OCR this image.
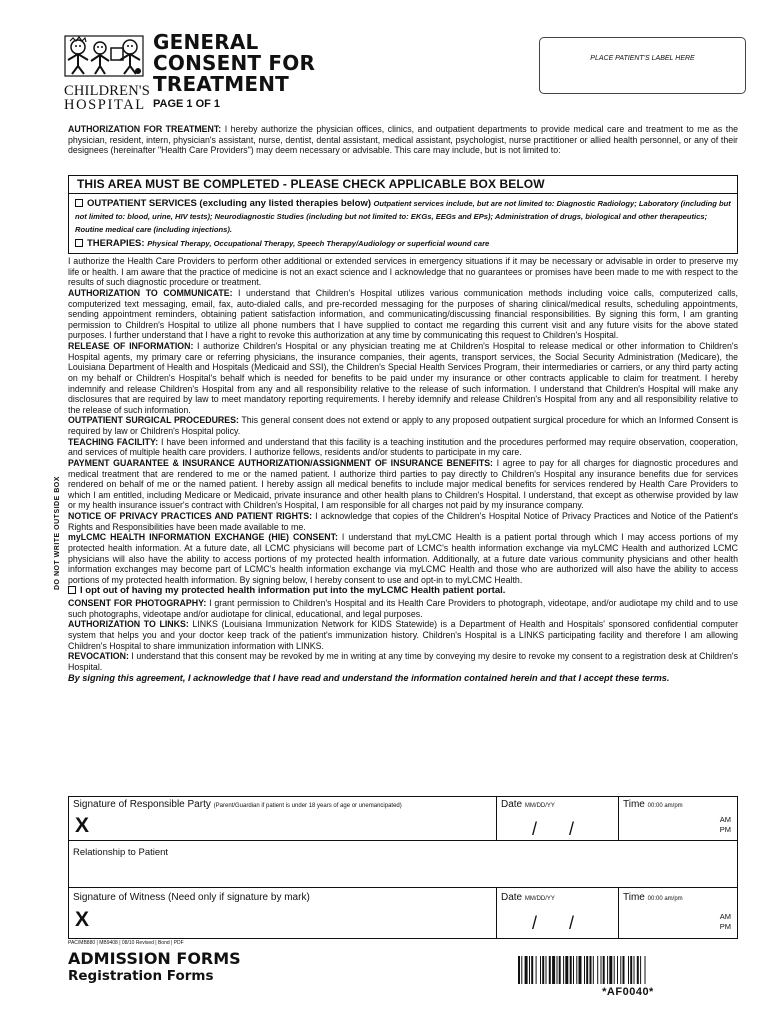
CHILDREN'S
HOSPITAL
GENERAL
CONSENT FOR
TREATMENT
PAGE 1 OF 1
PLACE PATIENT'S LABEL HERE
DO NOT WRITE OUTSIDE BOX

AUTHORIZATION FOR TREATMENT: I hereby authorize the physician offices, clinics, and outpatient departments to provide medical care and treatment to me as the physician, resident, intern, physician's assistant, nurse, dentist, dental assistant, medical assistant, psychologist, nurse practitioner or allied health personnel, or any of their designees (hereinafter "Health Care Providers") may deem necessary or advisable. This care may include, but is not limited to:

THIS AREA MUST BE COMPLETED - PLEASE CHECK APPLICABLE BOX BELOW
OUTPATIENT SERVICES (excluding any listed therapies below) Outpatient services include, but are not limited to: Diagnostic Radiology; Laboratory (including but not limited to: blood, urine, HIV tests); Neurodiagnostic Studies (including but not limited to: EKGs, EEGs and EPs); Administration of drugs, biological and other therapeutics; Routine medical care (including injections).
THERAPIES: Physical Therapy, Occupational Therapy, Speech Therapy/Audiology or superficial wound care

I authorize the Health Care Providers to perform other additional or extended services in emergency situations if it may be necessary or advisable in order to preserve my life or health. I am aware that the practice of medicine is not an exact science and I acknowledge that no guarantees or promises have been made to me with respect to the results of such diagnostic procedure or treatment.

AUTHORIZATION TO COMMUNICATE: I understand that Children's Hospital utilizes various communication methods including voice calls, computerized calls, computerized text messaging, email, fax, auto-dialed calls, and pre-recorded messaging for the purposes of sharing clinical/medical results, scheduling appointments, sending appointment reminders, obtaining patient satisfaction information, and communicating/discussing financial responsibilities. By signing this form, I am granting permission to Children's Hospital to utilize all phone numbers that I have supplied to contact me regarding this current visit and any future visits for the above stated purposes. I further understand that I have a right to revoke this authorization at any time by communicating this request to Children's Hospital.

RELEASE OF INFORMATION: I authorize Children's Hospital or any physician treating me at Children's Hospital to release medical or other information to Children's Hospital agents, my primary care or referring physicians, the insurance companies, their agents, transport services, the Social Security Administration (Medicare), the Louisiana Department of Health and Hospitals (Medicaid and SSI), the Children's Special Health Services Program, their intermediaries or carriers, or any third party acting on my behalf or Children's Hospital's behalf which is needed for benefits to be paid under my insurance or other contracts applicable to claim for treatment. I hereby indemnify and release Children's Hospital from any and all responsibility relative to the release of such information. I understand that Children's Hospital will make any disclosures that are required by law to meet mandatory reporting requirements. I hereby idemnify and release Children's Hospital from any and all responsibility relative to the release of such information.

OUTPATIENT SURGICAL PROCEDURES: This general consent does not extend or apply to any proposed outpatient surgical procedure for which an Informed Consent is required by law or Children's Hospital policy.

TEACHING FACILITY: I have been informed and understand that this facility is a teaching institution and the procedures performed may require observation, cooperation, and services of multiple health care providers. I authorize fellows, residents and/or students to participate in my care.

PAYMENT GUARANTEE & INSURANCE AUTHORIZATION/ASSIGNMENT OF INSURANCE BENEFITS: I agree to pay for all charges for diagnostic procedures and medical treatment that are rendered to me or the named patient. I authorize third parties to pay directly to Children's Hospital any insurance benefits due for services rendered on behalf of me or the named patient. I hereby assign all medical benefits to include major medical benefits for services rendered by Health Care Providers to which I am entitled, including Medicare or Medicaid, private insurance and other health plans to Children's Hospital. I understand, that except as otherwise provided by law or my health insurance issuer's contract with Children's Hospital, I am responsible for all charges not paid by my insurance company.

NOTICE OF PRIVACY PRACTICES AND PATIENT RIGHTS: I acknowledge that copies of the Children's Hospital Notice of Privacy Practices and Notice of the Patient's Rights and Responsibilities have been made available to me.

myLCMC HEALTH INFORMATION EXCHANGE (HIE) CONSENT: I understand that myLCMC Health is a patient portal through which I may access portions of my protected health information. At a future date, all LCMC physicians will become part of LCMC's health information exchange via myLCMC Health and authorized LCMC physicians will also have the ability to access portions of my protected health information. Additionally, at a future date various community physicians and other health information exchanges may become part of LCMC's health information exchange via myLCMC Health and those who are authorized will also have the ability to access portions of my protected health information. By signing below, I hereby consent to use and opt-in to myLCMC Health.

I opt out of having my protected health information put into the myLCMC Health patient portal.

CONSENT FOR PHOTOGRAPHY: I grant permission to Children's Hospital and its Health Care Providers to photograph, videotape, and/or audiotape my child and to use such photographs, videotape and/or audiotape for clinical, educational, and legal purposes.

AUTHORIZATION TO LINKS: LINKS (Louisiana Immunization Network for KIDS Statewide) is a Department of Health and Hospitals' sponsored confidential computer system that helps you and your doctor keep track of the patient's immunization history. Children's Hospital is a LINKS participating facility and therefore I am allowing Children's Hospital to share immunization information with LINKS.

REVOCATION: I understand that this consent may be revoked by me in writing at any time by conveying my desire to revoke my consent to a registration desk at Children's Hospital.

By signing this agreement, I acknowledge that I have read and understand the information contained herein and that I accept these terms.

Signature of Responsible Party (Parent/Guardian if patient is under 18 years of age or unemancipated)
X
Date MM/DD/YY
/ /
Time 00:00 am/pm
AM
PM
Relationship to Patient
Signature of Witness (Need only if signature by mark)
X
Date MM/DD/YY
/ /
Time 00:00 am/pm
AM
PM
PAC/MB880 | MB9408 | 08/10 Revised | Bond | PDF
ADMISSION FORMS
Registration Forms
*AF0040*
